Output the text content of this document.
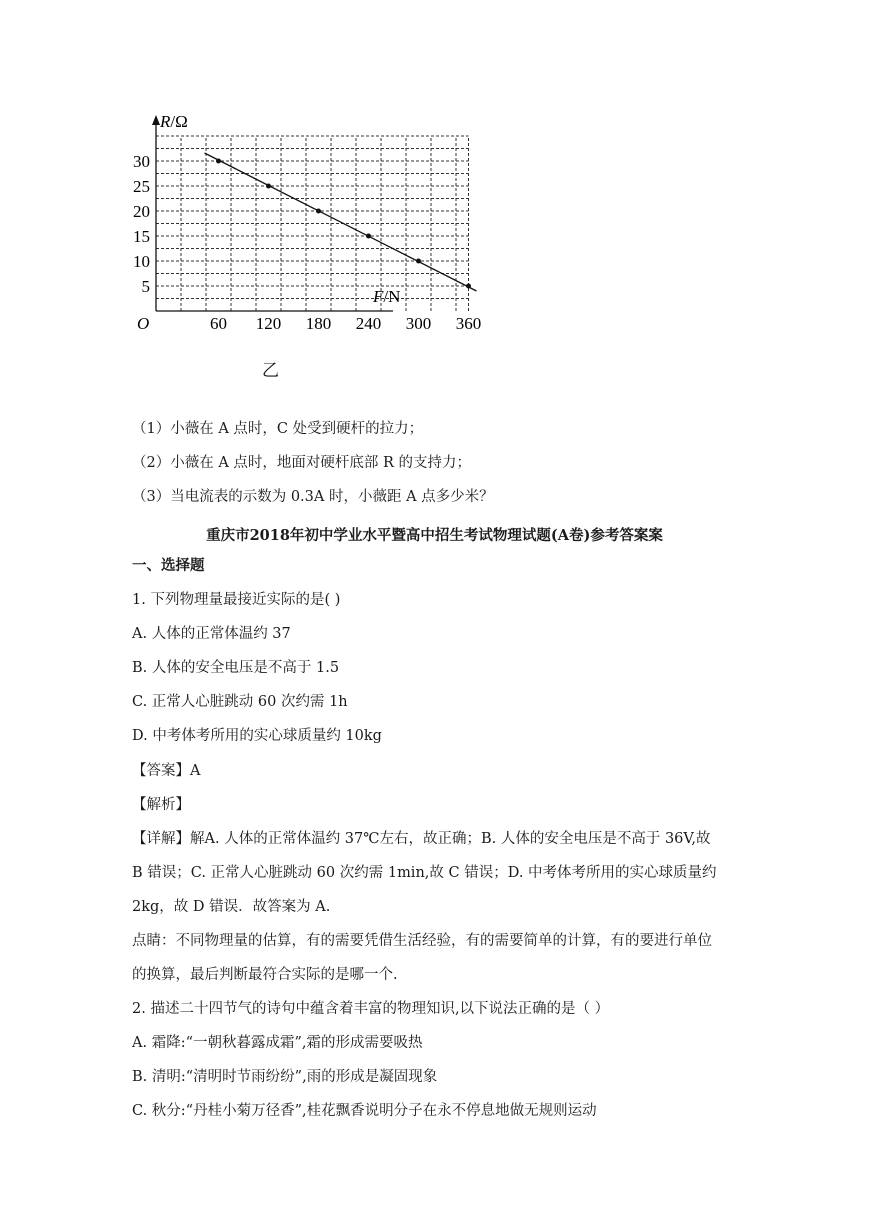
60 120 180 240 300 360
5
10
15
20
25
30
R/Ω
F/N
O
乙
（1）小薇在 A 点时，C 处受到硬杆的拉力；
（2）小薇在 A 点时，地面对硬杆底部 R 的支持力；
（3）当电流表的示数为 0.3A 时，小薇距 A 点多少米？
重庆市2018年初中学业水平暨高中招生考试物理试题(A卷)参考答案案
一、选择题
1. 下列物理量最接近实际的是( )
A. 人体的正常体温约 37
B. 人体的安全电压是不高于 1.5
C. 正常人心脏跳动 60 次约需 1h
D. 中考体考所用的实心球质量约 10kg
【答案】A
【解析】
【详解】解A. 人体的正常体温约 37℃左右，故正确；B. 人体的安全电压是不高于 36V,故
B 错误；C. 正常人心脏跳动 60 次约需 1min,故 C 错误；D. 中考体考所用的实心球质量约
2kg，故 D 错误．故答案为 A.
点睛：不同物理量的估算，有的需要凭借生活经验，有的需要简单的计算，有的要进行单位
的换算，最后判断最符合实际的是哪一个.
2. 描述二十四节气的诗句中蕴含着丰富的物理知识,以下说法正确的是（ ）
A. 霜降:“一朝秋暮露成霜”,霜的形成需要吸热
B. 清明:“清明时节雨纷纷”,雨的形成是凝固现象
C. 秋分:“丹桂小菊万径香”,桂花飘香说明分子在永不停息地做无规则运动
